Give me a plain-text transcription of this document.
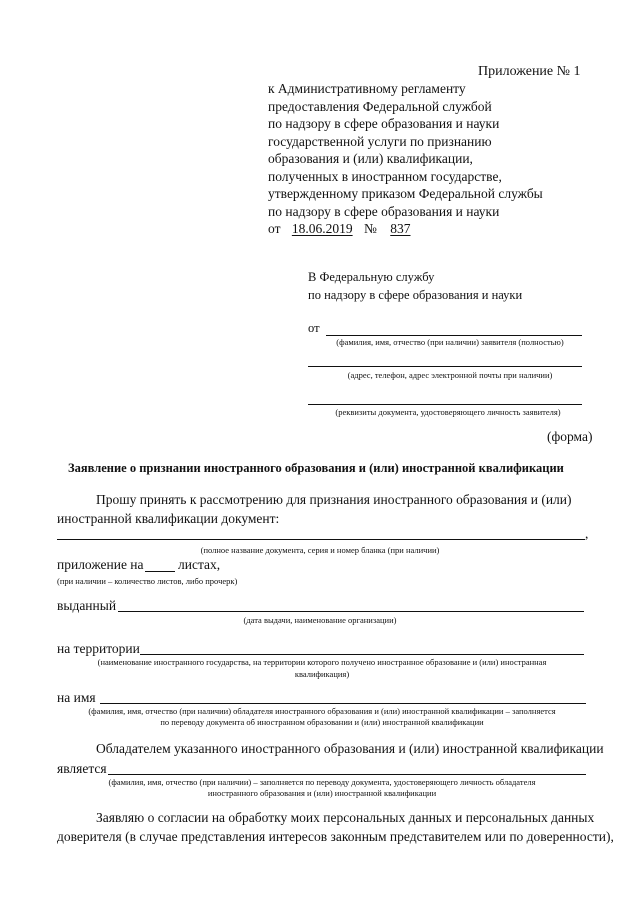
Приложение № 1
к Административному регламенту
предоставления Федеральной службой
по надзору в сфере образования и науки
государственной услуги по признанию
образования и (или) квалификации,
полученных в иностранном государстве,
утвержденному приказом Федеральной службы
по надзору в сфере образования и науки
от 18.06.2019 № 837
В Федеральную службу
по надзору в сфере образования и науки
от
(фамилия, имя, отчество (при наличии) заявителя (полностью)
(адрес, телефон, адрес электронной почты при наличии)
(реквизиты документа, удостоверяющего личность заявителя)
(форма)
Заявление о признании иностранного образования и (или) иностранной квалификации
Прошу принять к рассмотрению для признания иностранного образования и (или)
иностранной квалификации документ:
,
(полное название документа, серия и номер бланка (при наличии)
приложение на	листах,
(при наличии – количество листов, либо прочерк)
выданный
(дата выдачи, наименование организации)
на территории
(наименование иностранного государства, на территории которого получено иностранное образование и (или) иностранная
квалификация)
на имя
(фамилия, имя, отчество (при наличии) обладателя иностранного образования и (или) иностранной квалификации – заполняется
по переводу документа об иностранном образовании и (или) иностранной квалификации
Обладателем указанного иностранного образования и (или) иностранной квалификации
является
(фамилия, имя, отчество (при наличии) – заполняется по переводу документа, удостоверяющего личность обладателя
иностранного образования и (или) иностранной квалификации
Заявляю о согласии на обработку моих персональных данных и персональных данных
доверителя (в случае представления интересов законным представителем или по доверенности),
